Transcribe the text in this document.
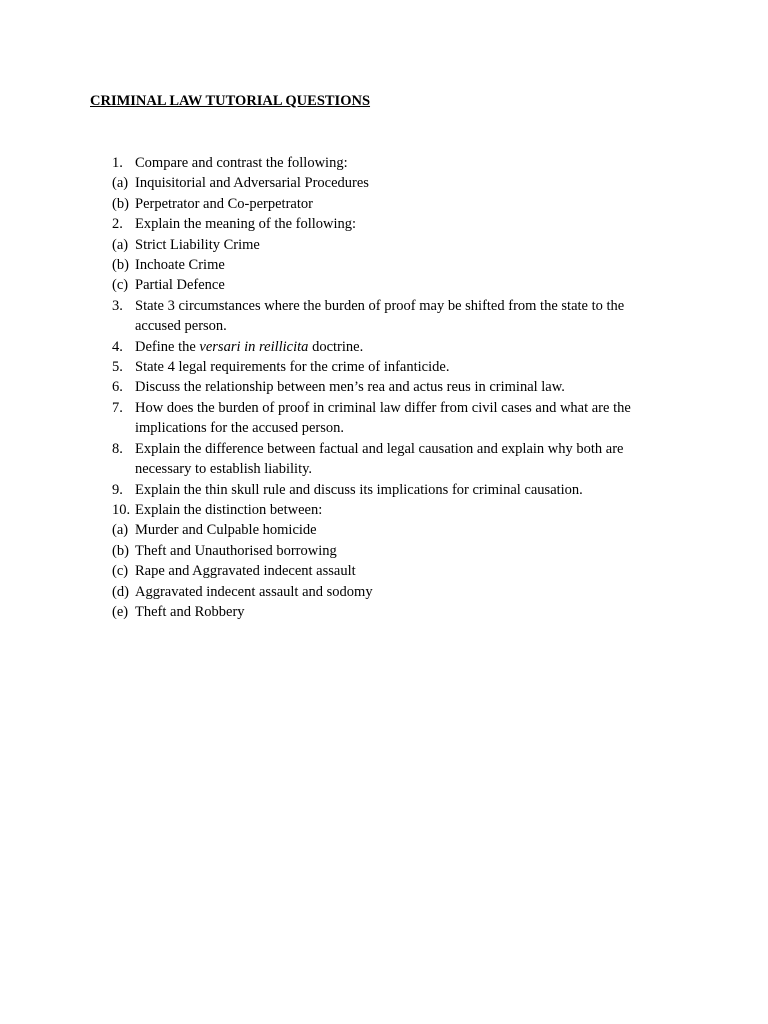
CRIMINAL LAW TUTORIAL QUESTIONS
1. Compare and contrast the following:
(a) Inquisitorial and Adversarial Procedures
(b) Perpetrator and Co-perpetrator
2. Explain the meaning of the following:
(a) Strict Liability Crime
(b) Inchoate Crime
(c) Partial Defence
3. State 3 circumstances where the burden of proof may be shifted from the state to the accused person.
4. Define the versari in reillicita doctrine.
5. State 4 legal requirements for the crime of infanticide.
6. Discuss the relationship between men’s rea and actus reus in criminal law.
7. How does the burden of proof in criminal law differ from civil cases and what are the implications for the accused person.
8. Explain the difference between factual and legal causation and explain why both are necessary to establish liability.
9. Explain the thin skull rule and discuss its implications for criminal causation.
10. Explain the distinction between:
(a) Murder and Culpable homicide
(b) Theft and Unauthorised borrowing
(c) Rape and Aggravated indecent assault
(d) Aggravated indecent assault and sodomy
(e) Theft and Robbery
